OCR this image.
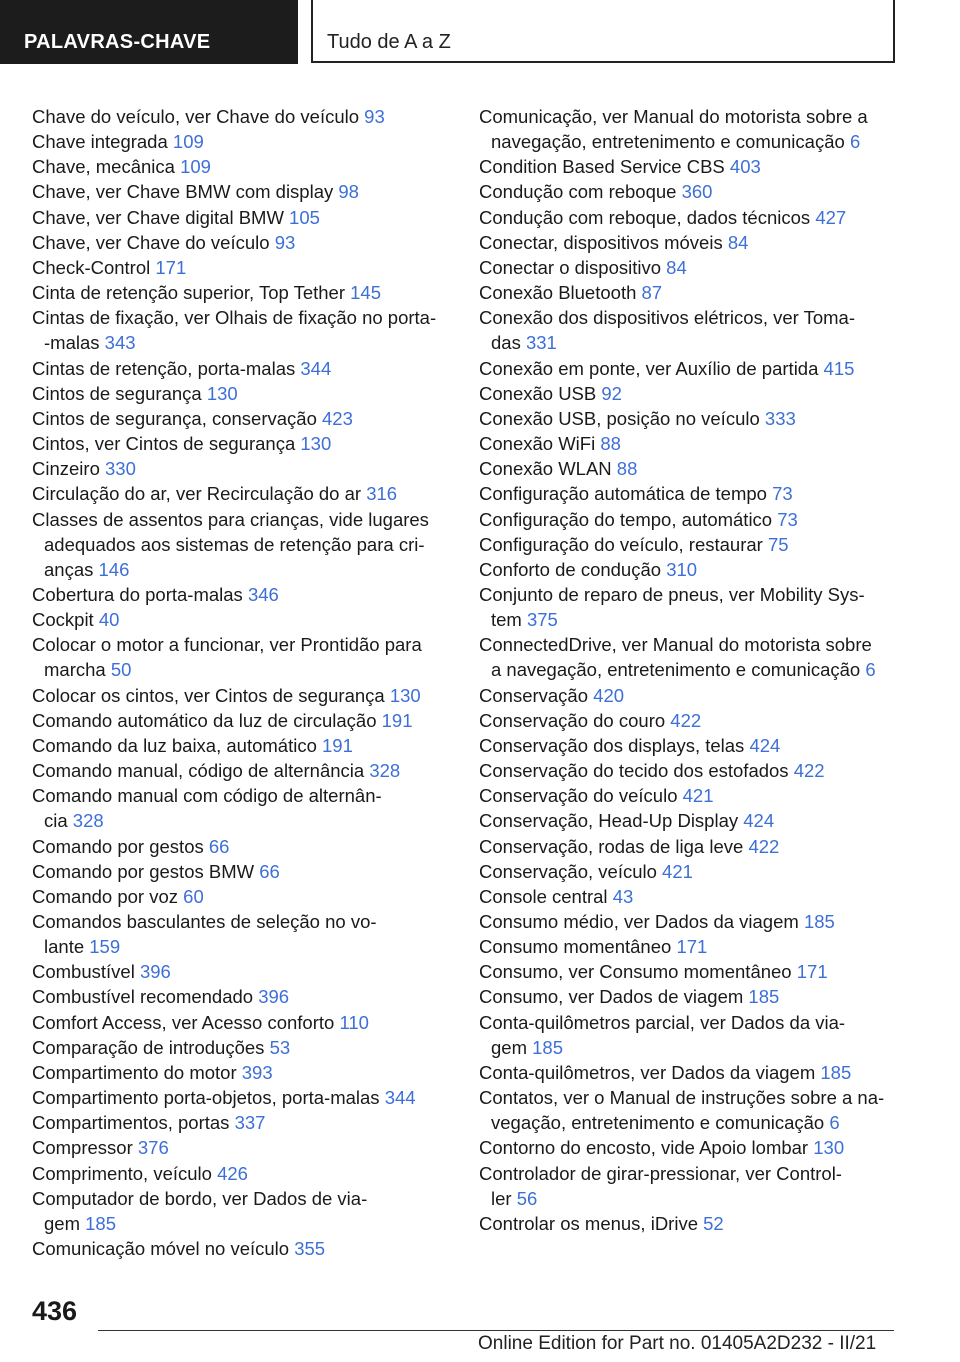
PALAVRAS-CHAVE	Tudo de A a Z
Chave do veículo, ver Chave do veículo 93
Chave integrada 109
Chave, mecânica 109
Chave, ver Chave BMW com display 98
Chave, ver Chave digital BMW 105
Chave, ver Chave do veículo 93
Check-Control 171
Cinta de retenção superior, Top Tether 145
Cintas de fixação, ver Olhais de fixação no porta-
-malas 343
Cintas de retenção, porta-malas 344
Cintos de segurança 130
Cintos de segurança, conservação 423
Cintos, ver Cintos de segurança 130
Cinzeiro 330
Circulação do ar, ver Recirculação do ar 316
Classes de assentos para crianças, vide lugares
adequados aos sistemas de retenção para cri-
anças 146
Cobertura do porta-malas 346
Cockpit 40
Colocar o motor a funcionar, ver Prontidão para
marcha 50
Colocar os cintos, ver Cintos de segurança 130
Comando automático da luz de circulação 191
Comando da luz baixa, automático 191
Comando manual, código de alternância 328
Comando manual com código de alternân-
cia 328
Comando por gestos 66
Comando por gestos BMW 66
Comando por voz 60
Comandos basculantes de seleção no vo-
lante 159
Combustível 396
Combustível recomendado 396
Comfort Access, ver Acesso conforto 110
Comparação de introduções 53
Compartimento do motor 393
Compartimento porta-objetos, porta-malas 344
Compartimentos, portas 337
Compressor 376
Comprimento, veículo 426
Computador de bordo, ver Dados de via-
gem 185
Comunicação móvel no veículo 355
Comunicação, ver Manual do motorista sobre a
navegação, entretenimento e comunicação 6
Condition Based Service CBS 403
Condução com reboque 360
Condução com reboque, dados técnicos 427
Conectar, dispositivos móveis 84
Conectar o dispositivo 84
Conexão Bluetooth 87
Conexão dos dispositivos elétricos, ver Toma-
das 331
Conexão em ponte, ver Auxílio de partida 415
Conexão USB 92
Conexão USB, posição no veículo 333
Conexão WiFi 88
Conexão WLAN 88
Configuração automática de tempo 73
Configuração do tempo, automático 73
Configuração do veículo, restaurar 75
Conforto de condução 310
Conjunto de reparo de pneus, ver Mobility Sys-
tem 375
ConnectedDrive, ver Manual do motorista sobre
a navegação, entretenimento e comunicação 6
Conservação 420
Conservação do couro 422
Conservação dos displays, telas 424
Conservação do tecido dos estofados 422
Conservação do veículo 421
Conservação, Head-Up Display 424
Conservação, rodas de liga leve 422
Conservação, veículo 421
Console central 43
Consumo médio, ver Dados da viagem 185
Consumo momentâneo 171
Consumo, ver Consumo momentâneo 171
Consumo, ver Dados de viagem 185
Conta-quilômetros parcial, ver Dados da via-
gem 185
Conta-quilômetros, ver Dados da viagem 185
Contatos, ver o Manual de instruções sobre a na-
vegação, entretenimento e comunicação 6
Contorno do encosto, vide Apoio lombar 130
Controlador de girar-pressionar, ver Control-
ler 56
Controlar os menus, iDrive 52
436
Online Edition for Part no. 01405A2D232 - II/21
